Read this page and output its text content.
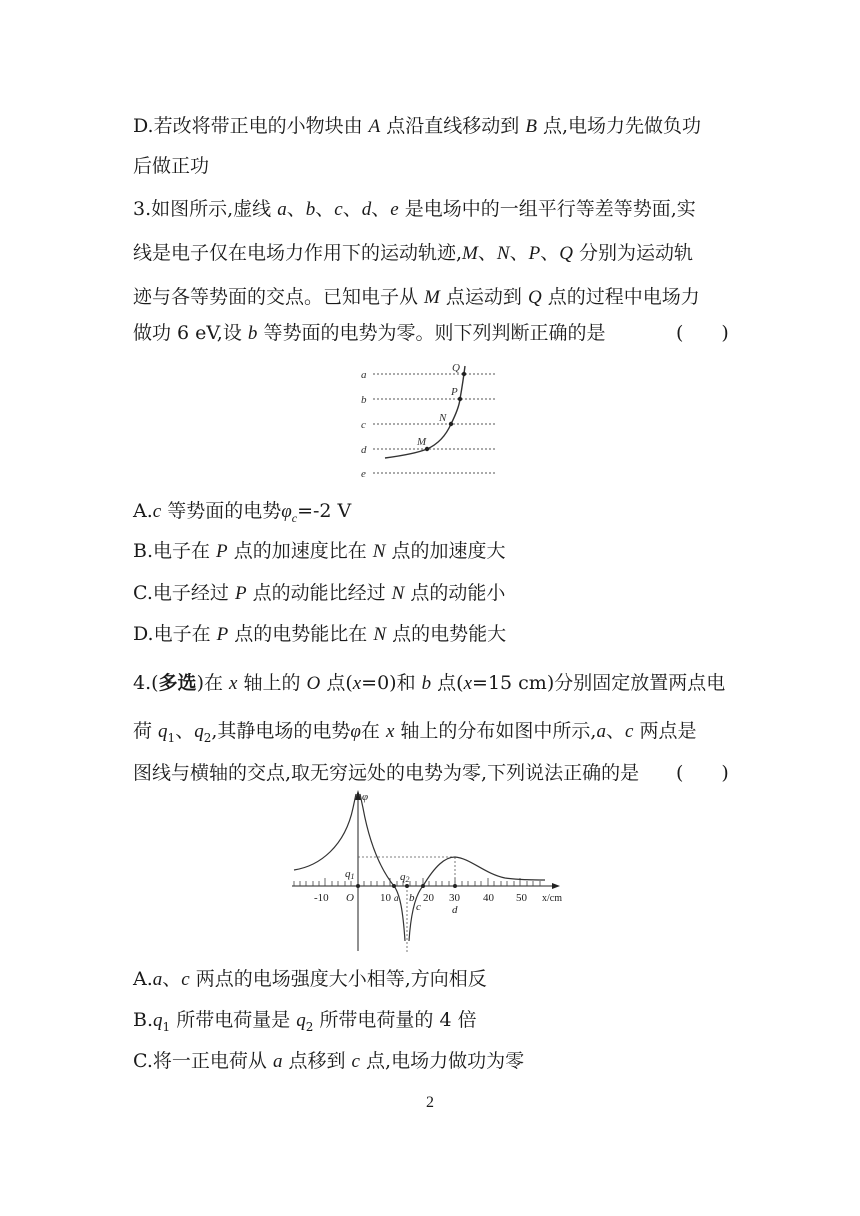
D.若改将带正电的小物块由 A 点沿直线移动到 B 点,电场力先做负功
后做正功
3.如图所示,虚线 a、b、c、d、e 是电场中的一组平行等差等势面,实
线是电子仅在电场力作用下的运动轨迹,M、N、P、Q 分别为运动轨
迹与各等势面的交点。已知电子从 M 点运动到 Q 点的过程中电场力
做功 6 eV,设 b 等势面的电势为零。则下列判断正确的是	(　　)
a
b
c
d
e
Q
P
N
M
A.c 等势面的电势$\varphi_c=-2$ V
B.电子在 P 点的加速度比在 N 点的加速度大
C.电子经过 P 点的动能比经过 N 点的动能小
D.电子在 P 点的电势能比在 N 点的电势能大
4.(多选)在 x 轴上的 O 点(x=0)和 b 点(x=15 cm)分别固定放置两点电
荷 $q_1$、$q_2$,其静电场的电势φ在 x 轴上的分布如图中所示,a、c 两点是
图线与横轴的交点,取无穷远处的电势为零,下列说法正确的是 (　　)
φ
q1	q2
-10 O 10 a b
c
20 30
d
40 50 x/cm
A.a、c 两点的电场强度大小相等,方向相反
$B.q_1$ 所带电荷量是 $q_2$ 所带电荷量的 4 倍
C.将一正电荷从 a 点移到 c 点,电场力做功为零
2
